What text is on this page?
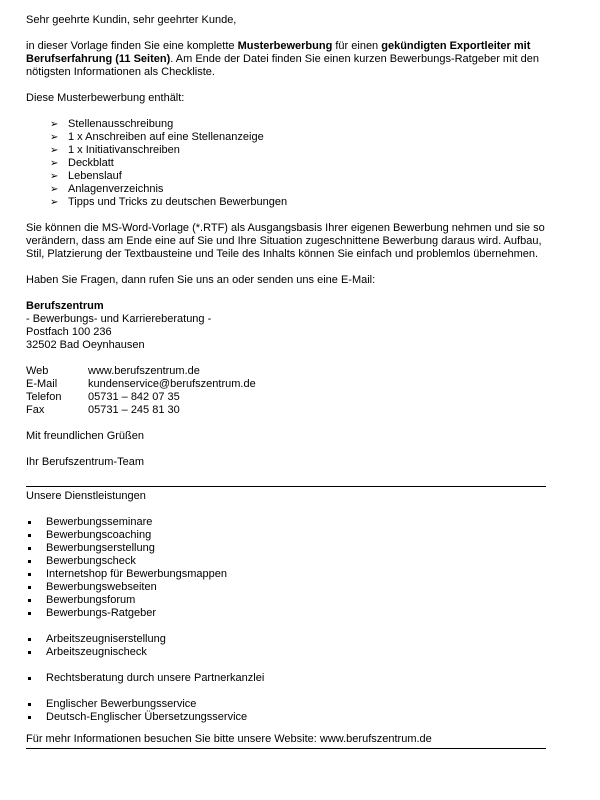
Sehr geehrte Kundin, sehr geehrter Kunde,

in dieser Vorlage finden Sie eine komplette Musterbewerbung für einen gekündigten Exportleiter mit Berufserfahrung (11 Seiten). Am Ende der Datei finden Sie einen kurzen Bewerbungs-Ratgeber mit den nötigsten Informationen als Checkliste.

Diese Musterbewerbung enthält:

➢ Stellenausschreibung
➢ 1 x Anschreiben auf eine Stellenanzeige
➢ 1 x Initiativanschreiben
➢ Deckblatt
➢ Lebenslauf
➢ Anlagenverzeichnis
➢ Tipps und Tricks zu deutschen Bewerbungen

Sie können die MS-Word-Vorlage (*.RTF) als Ausgangsbasis Ihrer eigenen Bewerbung nehmen und sie so verändern, dass am Ende eine auf Sie und Ihre Situation zugeschnittene Bewerbung daraus wird. Aufbau, Stil, Platzierung der Textbausteine und Teile des Inhalts können Sie einfach und problemlos übernehmen.

Haben Sie Fragen, dann rufen Sie uns an oder senden uns eine E-Mail:

Berufszentrum

- Bewerbungs- und Karriereberatung -

Postfach 100 236

32502 Bad Oeynhausen

Web	www.berufszentrum.de
E-Mail	kundenservice@berufszentrum.de
Telefon	05731 – 842 07 35
Fax	05731 – 245 81 30

Mit freundlichen Grüßen

Ihr Berufszentrum-Team

Unsere Dienstleistungen

Bewerbungsseminare
Bewerbungscoaching
Bewerbungserstellung
Bewerbungscheck
Internetshop für Bewerbungsmappen
Bewerbungswebseiten
Bewerbungsforum
Bewerbungs-Ratgeber
Arbeitszeugniserstellung
Arbeitszeugnischeck
Rechtsberatung durch unsere Partnerkanzlei
Englischer Bewerbungsservice
Deutsch-Englischer Übersetzungsservice

Für mehr Informationen besuchen Sie bitte unsere Website: www.berufszentrum.de
